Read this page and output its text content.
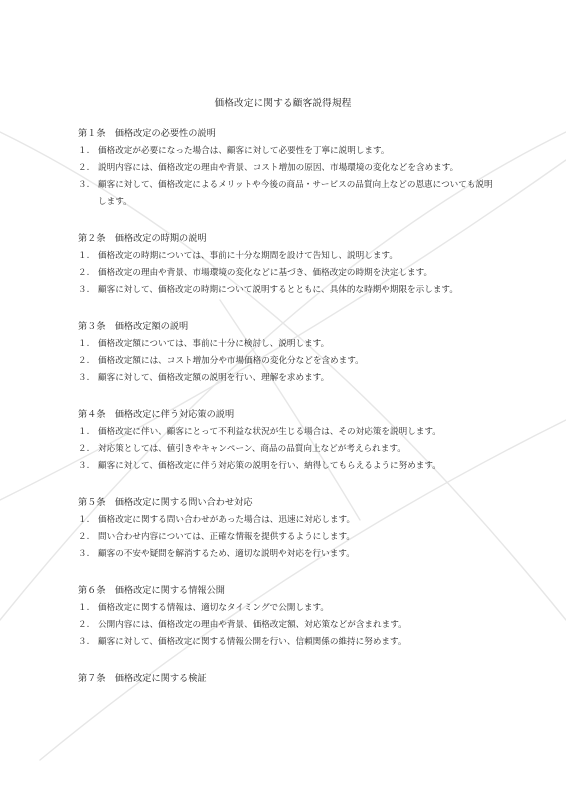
価格改定に関する顧客説得規程
第１条　価格改定の必要性の説明
１.	価格改定が必要になった場合は、顧客に対して必要性を丁寧に説明します。
２.	説明内容には、価格改定の理由や背景、コスト増加の原因、市場環境の変化などを含めます。
３.	顧客に対して、価格改定によるメリットや今後の商品・サービスの品質向上などの恩恵についても説明します。
第２条　価格改定の時期の説明
１.	価格改定の時期については、事前に十分な期間を設けて告知し、説明します。
２.	価格改定の理由や背景、市場環境の変化などに基づき、価格改定の時期を決定します。
３.	顧客に対して、価格改定の時期について説明するとともに、具体的な時期や期限を示します。
第３条　価格改定額の説明
１.	価格改定額については、事前に十分に検討し、説明します。
２.	価格改定額には、コスト増加分や市場価格の変化分などを含めます。
３.	顧客に対して、価格改定額の説明を行い、理解を求めます。
第４条　価格改定に伴う対応策の説明
１.	価格改定に伴い、顧客にとって不利益な状況が生じる場合は、その対応策を説明します。
２.	対応策としては、値引きやキャンペーン、商品の品質向上などが考えられます。
３.	顧客に対して、価格改定に伴う対応策の説明を行い、納得してもらえるように努めます。
第５条　価格改定に関する問い合わせ対応
１.	価格改定に関する問い合わせがあった場合は、迅速に対応します。
２.	問い合わせ内容については、正確な情報を提供するようにします。
３.	顧客の不安や疑問を解消するため、適切な説明や対応を行います。
第６条　価格改定に関する情報公開
１.	価格改定に関する情報は、適切なタイミングで公開します。
２.	公開内容には、価格改定の理由や背景、価格改定額、対応策などが含まれます。
３.	顧客に対して、価格改定に関する情報公開を行い、信頼関係の維持に努めます。
第７条　価格改定に関する検証
